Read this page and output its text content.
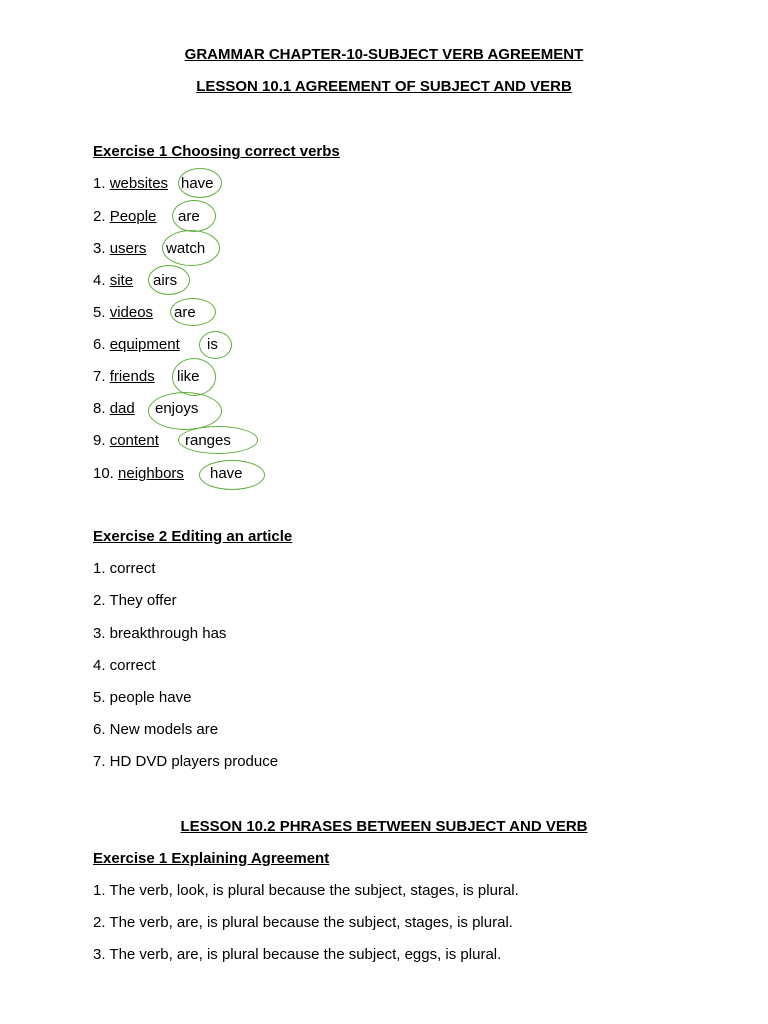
GRAMMAR CHAPTER-10-SUBJECT VERB AGREEMENT
LESSON 10.1 AGREEMENT OF SUBJECT AND VERB
Exercise 1 Choosing correct verbs
1. websites have
2. People are
3. users watch
4. site airs
5. videos are
6. equipment is
7. friends like
8. dad enjoys
9. content ranges
10. neighbors have
Exercise 2 Editing an article
1. correct
2. They offer
3. breakthrough has
4. correct
5. people have
6. New models are
7. HD DVD players produce
LESSON 10.2 PHRASES BETWEEN SUBJECT AND VERB
Exercise 1 Explaining Agreement
1. The verb, look, is plural because the subject, stages, is plural.
2. The verb, are, is plural because the subject, stages, is plural.
3. The verb, are, is plural because the subject, eggs, is plural.
